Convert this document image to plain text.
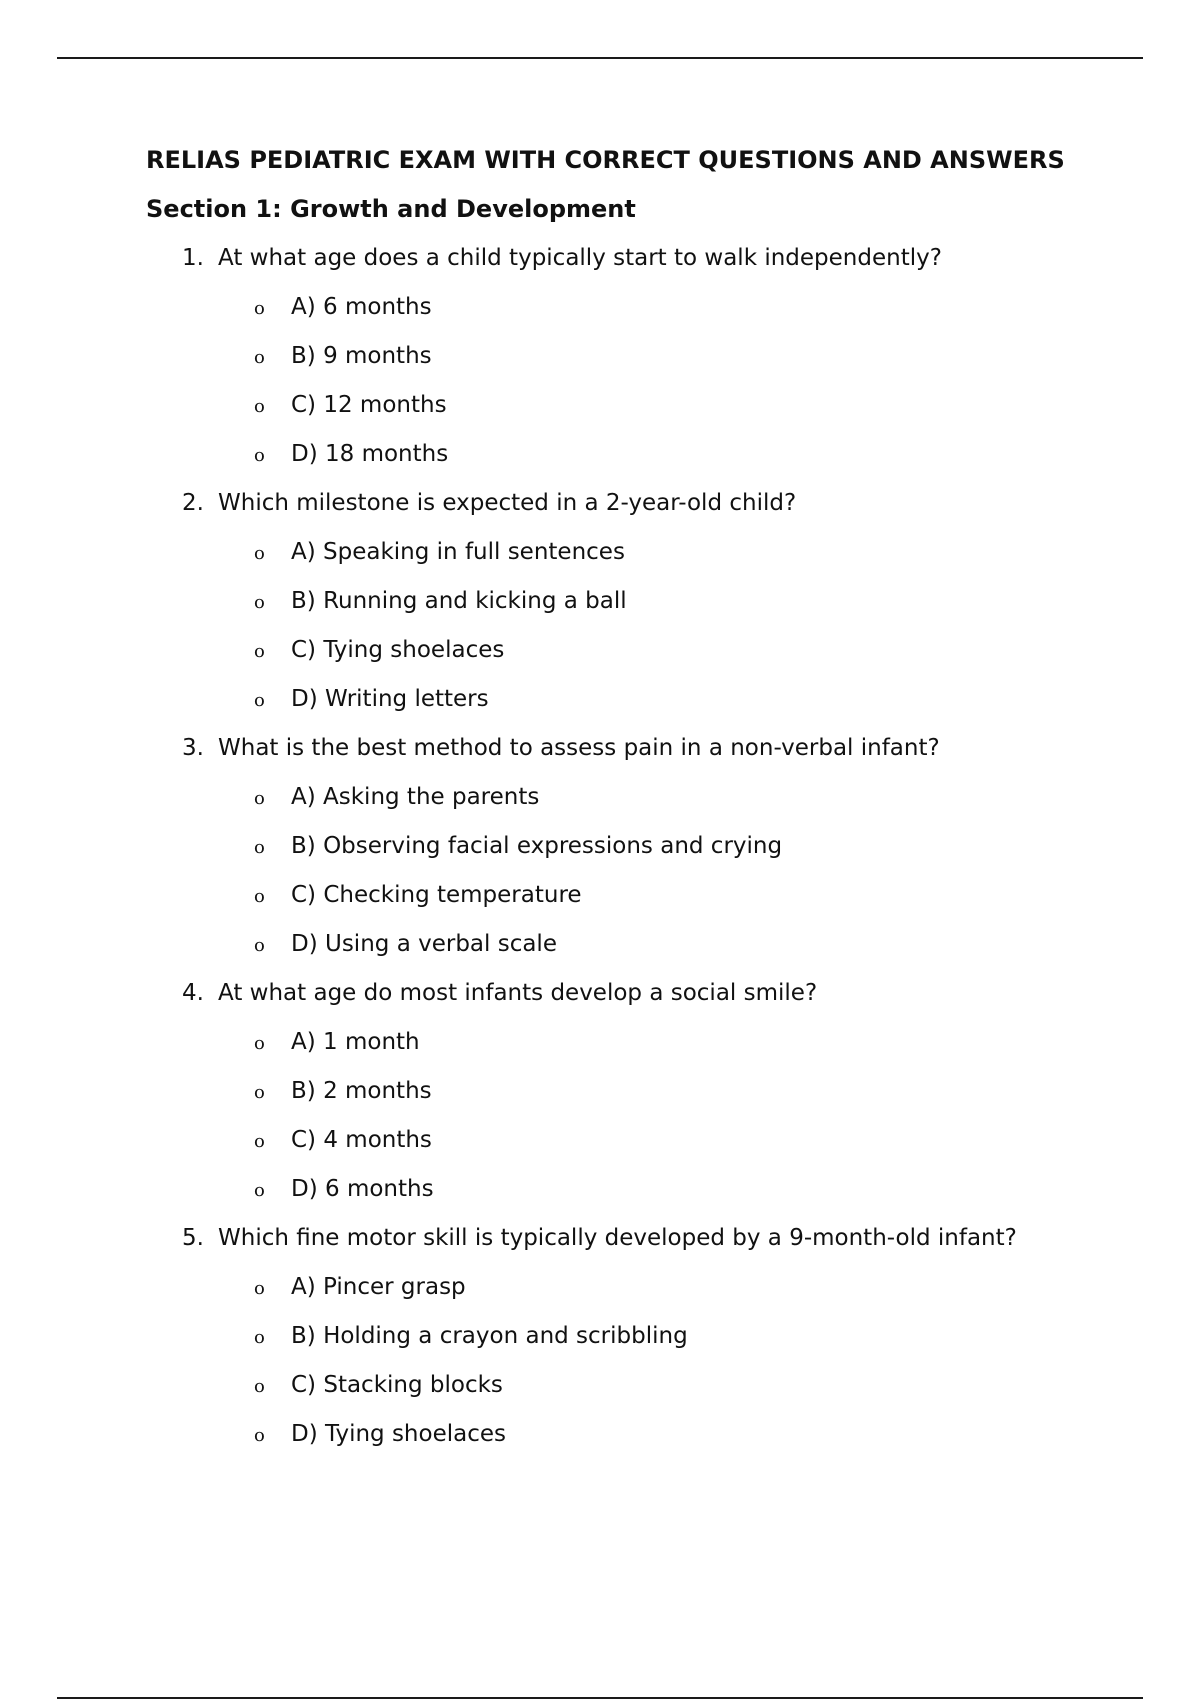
RELIAS PEDIATRIC EXAM WITH CORRECT QUESTIONS AND ANSWERS
Section 1: Growth and Development
1. At what age does a child typically start to walk independently?
o A) 6 months
o B) 9 months
o C) 12 months
o D) 18 months
2. Which milestone is expected in a 2-year-old child?
o A) Speaking in full sentences
o B) Running and kicking a ball
o C) Tying shoelaces
o D) Writing letters
3. What is the best method to assess pain in a non-verbal infant?
o A) Asking the parents
o B) Observing facial expressions and crying
o C) Checking temperature
o D) Using a verbal scale
4. At what age do most infants develop a social smile?
o A) 1 month
o B) 2 months
o C) 4 months
o D) 6 months
5. Which fine motor skill is typically developed by a 9-month-old infant?
o A) Pincer grasp
o B) Holding a crayon and scribbling
o C) Stacking blocks
o D) Tying shoelaces
